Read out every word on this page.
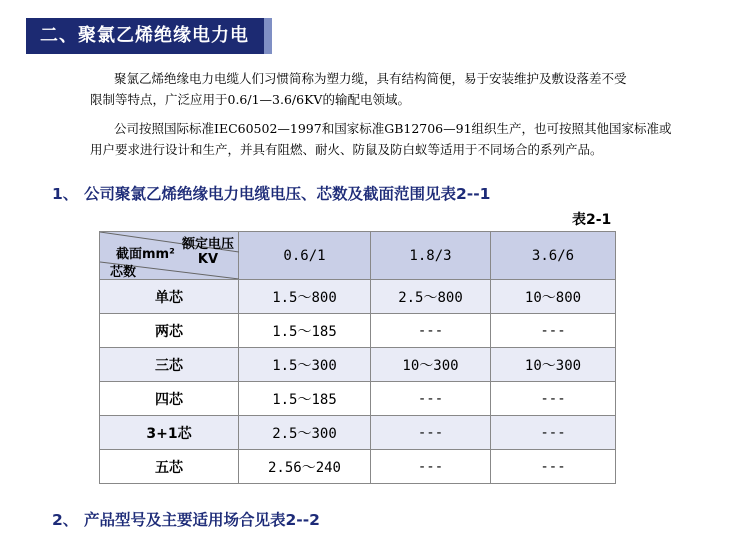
二、聚氯乙烯绝缘电力电缆	聚氯乙烯绝缘电力电缆人们习惯简称为塑力缆，具有结构简便，易于安装维护及敷设落差不受
限制等特点，广泛应用于0.6/1—3.6/6KV的输配电领域。
公司按照国际标准IEC60502—1997和国家标准GB12706—91组织生产，也可按照其他国家标准或
用户要求进行设计和生产，并具有阻燃、耐火、防鼠及防白蚁等适用于不同场合的系列产品。
1、 公司聚氯乙烯绝缘电力电缆电压、芯数及截面范围见表2--1
表2-1
额定电压KV
截面mm²
芯数	0.6/1	1.8/3	3.6/6
单芯	1.5～800	2.5～800	10～800
两芯	1.5～185	---	---
三芯	1.5～300	10～300	10～300
四芯	1.5～185	---	---
3+1芯	2.5～300	---	---
五芯	2.56～240	---	---
2、 产品型号及主要适用场合见表2--2
